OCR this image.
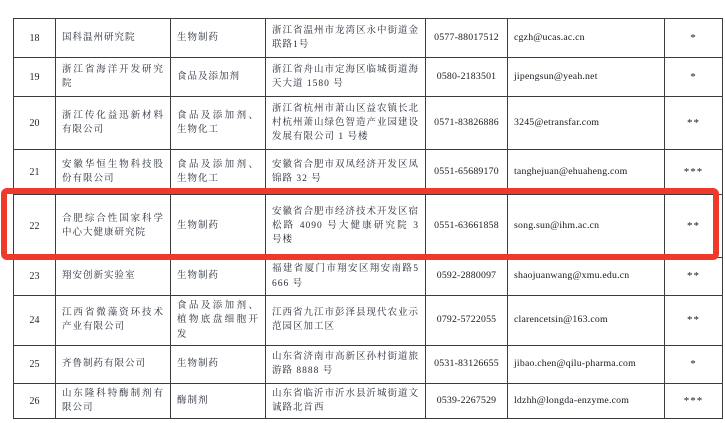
18	国科温州研究院	生物制药	浙江省温州市龙湾区永中街道金联路1号	0577-88017512	cgzh@ucas.ac.cn	*
19	浙江省海洋开发研究院	食品及添加剂	浙江省舟山市定海区临城街道海天大道 1580 号	0580-2183501	jipengsun@yeah.net	*
20	浙江传化益迅新材料有限公司	食品及添加剂、生物化工	浙江省杭州市萧山区益农镇长北村杭州萧山绿色智造产业园建设发展有限公司 1 号楼	0571-83826886	3245@etransfar.com	**
21	安徽华恒生物科技股份有限公司	食品及添加剂、生物化工	安徽省合肥市双凤经济开发区凤锦路 32 号	0551-65689170	tanghejuan@ehuaheng.com	***
22	合肥综合性国家科学中心大健康研究院	生物制药	安徽省合肥市经济技术开发区宿松路 4090 号大健康研究院 3 号楼	0551-63661858	song.sun@ihm.ac.cn	**
23	翔安创新实验室	生物制药	福建省厦门市翔安区翔安南路5666 号	0592-2880097	shaojuanwang@xmu.edu.cn	**
24	江西省微藻资环技术产业有限公司	食品及添加剂、植物底盘细胞开发	江西省九江市彭泽县现代农业示范园区加工区	0792-5722055	clarencetsin@163.com	**
25	齐鲁制药有限公司	生物制药	山东省济南市高新区孙村街道旅游路 8888 号	0531-83126655	jibao.chen@qilu-pharma.com	*
26	山东隆科特酶制剂有限公司	酶制剂	山东省临沂市沂水县沂城街道文诚路北首西	0539-2267529	ldzhh@longda-enzyme.com	***
